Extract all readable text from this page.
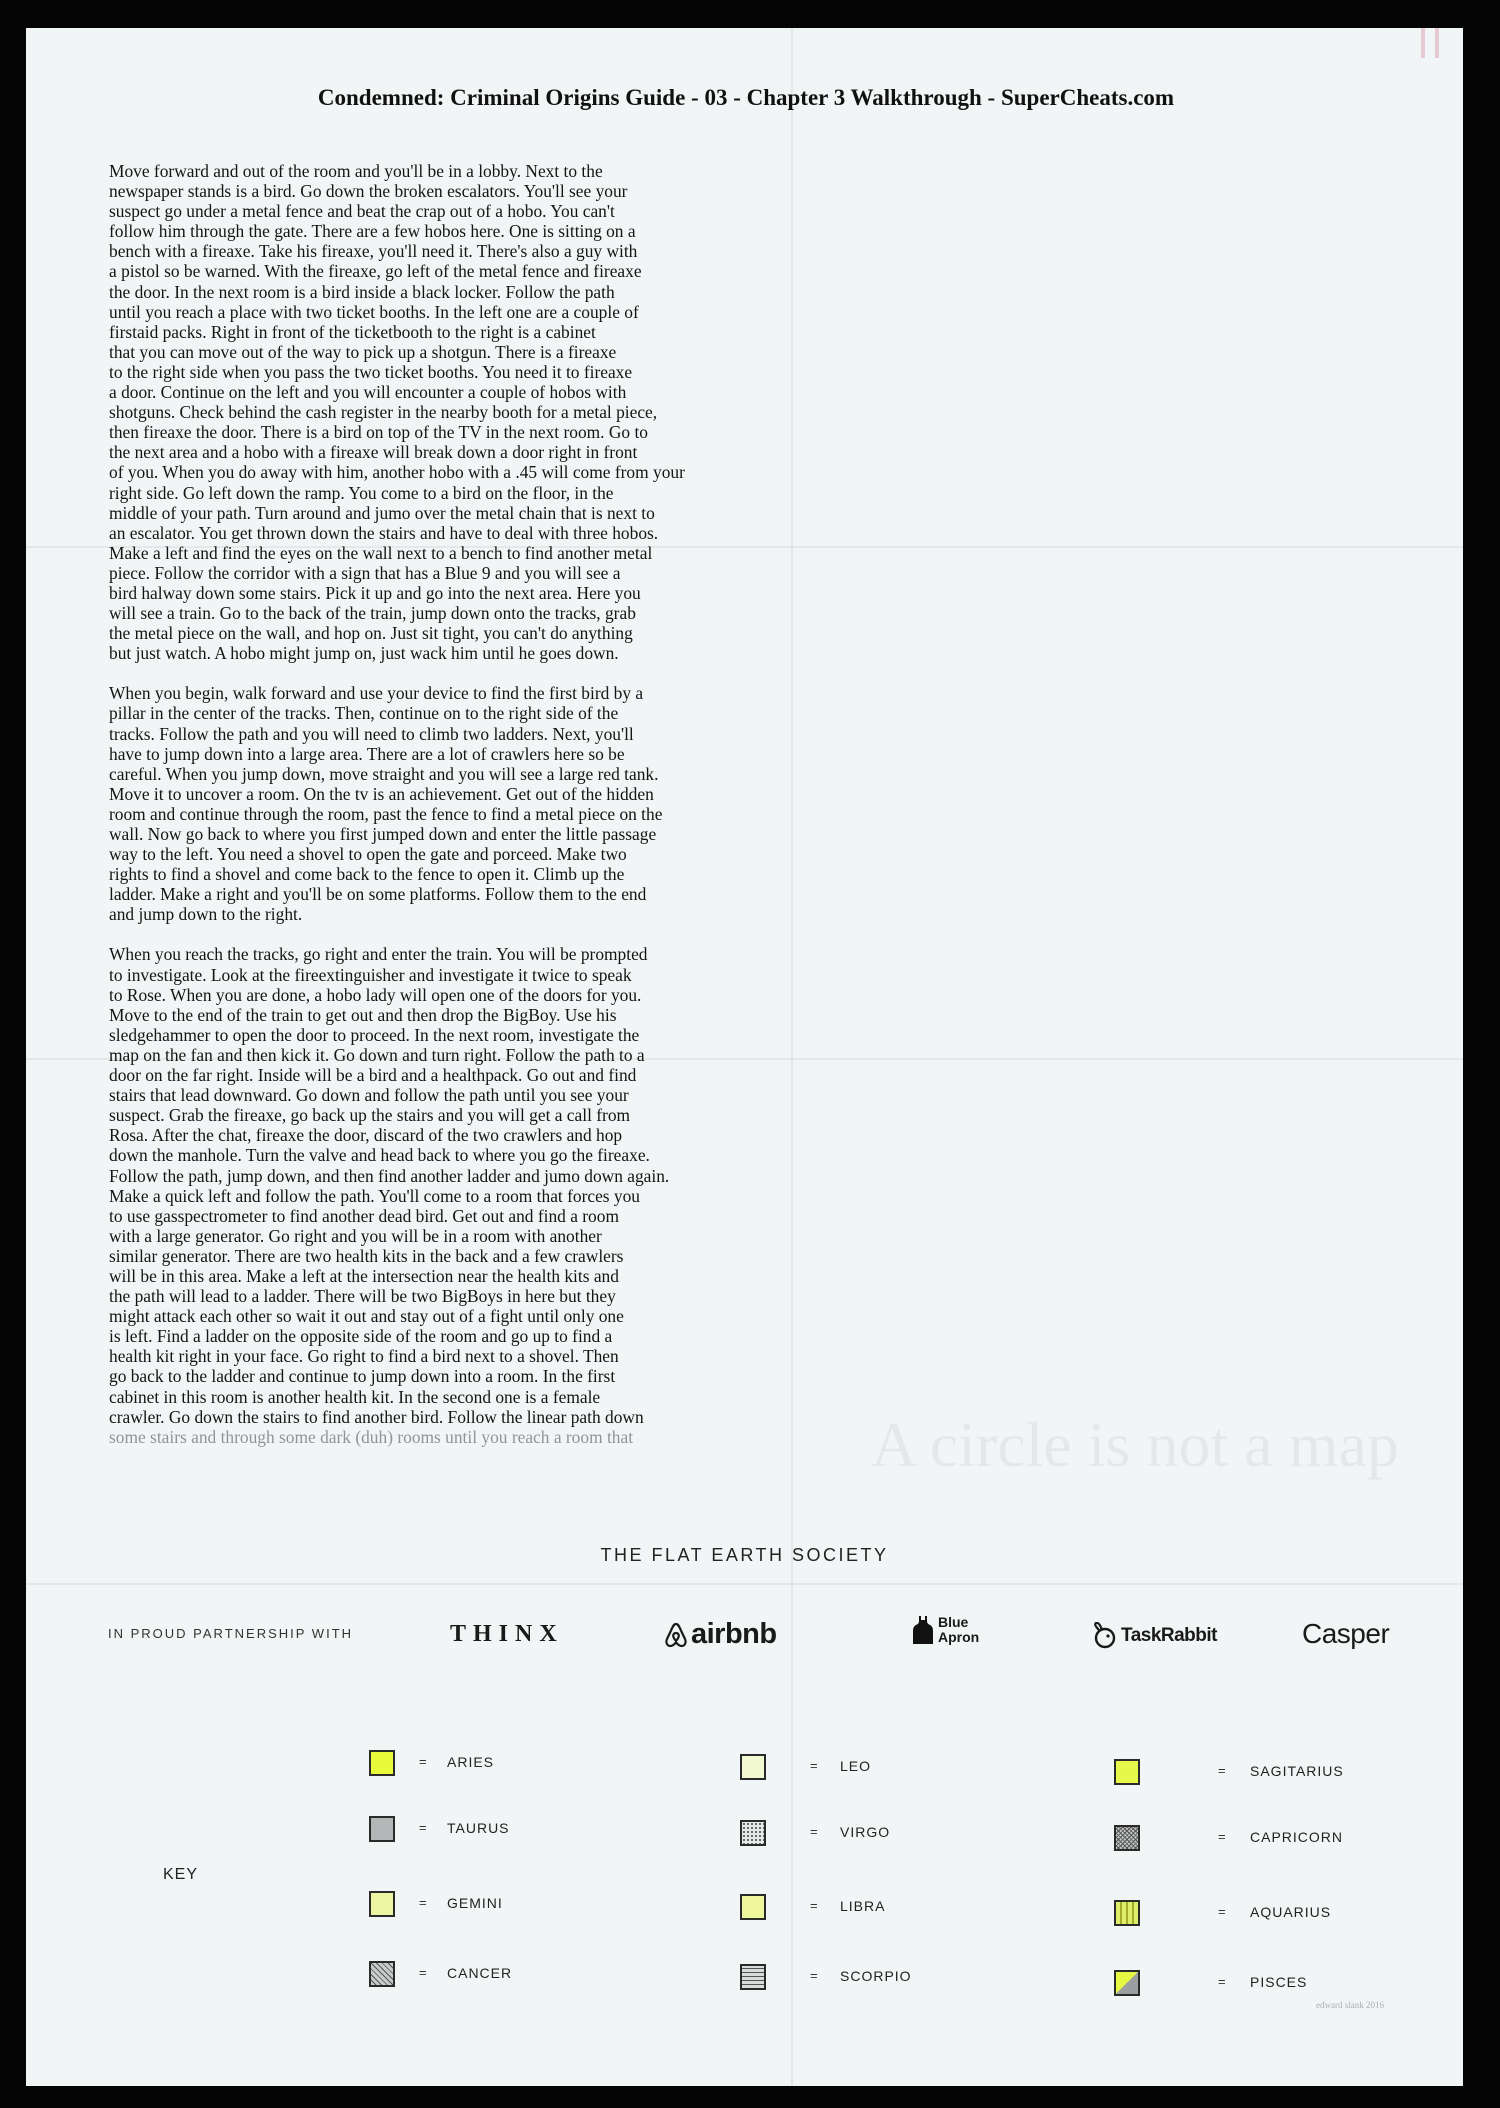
Condemned: Criminal Origins Guide - 03 - Chapter 3 Walkthrough - SuperCheats.com

Move forward and out of the room and you'll be in a lobby. Next to the
newspaper stands is a bird. Go down the broken escalators. You'll see your
suspect go under a metal fence and beat the crap out of a hobo. You can't
follow him through the gate. There are a few hobos here. One is sitting on a
bench with a fireaxe. Take his fireaxe, you'll need it. There's also a guy with
a pistol so be warned. With the fireaxe, go left of the metal fence and fireaxe
the door. In the next room is a bird inside a black locker. Follow the path
until you reach a place with two ticket booths. In the left one are a couple of
firstaid packs. Right in front of the ticketbooth to the right is a cabinet
that you can move out of the way to pick up a shotgun. There is a fireaxe
to the right side when you pass the two ticket booths. You need it to fireaxe
a door. Continue on the left and you will encounter a couple of hobos with
shotguns. Check behind the cash register in the nearby booth for a metal piece,
then fireaxe the door. There is a bird on top of the TV in the next room. Go to
the next area and a hobo with a fireaxe will break down a door right in front
of you. When you do away with him, another hobo with a .45 will come from your
right side. Go left down the ramp. You come to a bird on the floor, in the
middle of your path. Turn around and jumo over the metal chain that is next to
an escalator. You get thrown down the stairs and have to deal with three hobos.
Make a left and find the eyes on the wall next to a bench to find another metal
piece. Follow the corridor with a sign that has a Blue 9 and you will see a
bird halway down some stairs. Pick it up and go into the next area. Here you
will see a train. Go to the back of the train, jump down onto the tracks, grab
the metal piece on the wall, and hop on. Just sit tight, you can't do anything
but just watch. A hobo might jump on, just wack him until he goes down.

When you begin, walk forward and use your device to find the first bird by a
pillar in the center of the tracks. Then, continue on to the right side of the
tracks. Follow the path and you will need to climb two ladders. Next, you'll
have to jump down into a large area. There are a lot of crawlers here so be
careful. When you jump down, move straight and you will see a large red tank.
Move it to uncover a room. On the tv is an achievement. Get out of the hidden
room and continue through the room, past the fence to find a metal piece on the
wall. Now go back to where you first jumped down and enter the little passage
way to the left. You need a shovel to open the gate and porceed. Make two
rights to find a shovel and come back to the fence to open it. Climb up the
ladder. Make a right and you'll be on some platforms. Follow them to the end
and jump down to the right.

When you reach the tracks, go right and enter the train. You will be prompted
to investigate. Look at the fireextinguisher and investigate it twice to speak
to Rose. When you are done, a hobo lady will open one of the doors for you.
Move to the end of the train to get out and then drop the BigBoy. Use his
sledgehammer to open the door to proceed. In the next room, investigate the
map on the fan and then kick it. Go down and turn right. Follow the path to a
door on the far right. Inside will be a bird and a healthpack. Go out and find
stairs that lead downward. Go down and follow the path until you see your
suspect. Grab the fireaxe, go back up the stairs and you will get a call from
Rosa. After the chat, fireaxe the door, discard of the two crawlers and hop
down the manhole. Turn the valve and head back to where you go the fireaxe.
Follow the path, jump down, and then find another ladder and jumo down again.
Make a quick left and follow the path. You'll come to a room that forces you
to use gasspectrometer to find another dead bird. Get out and find a room
with a large generator. Go right and you will be in a room with another
similar generator. There are two health kits in the back and a few crawlers
will be in this area. Make a left at the intersection near the health kits and
the path will lead to a ladder. There will be two BigBoys in here but they
might attack each other so wait it out and stay out of a fight until only one
is left. Find a ladder on the opposite side of the room and go up to find a
health kit right in your face. Go right to find a bird next to a shovel. Then
go back to the ladder and continue to jump down into a room. In the first
cabinet in this room is another health kit. In the second one is a female
crawler. Go down the stairs to find another bird. Follow the linear path down

some stairs and through some dark (duh) rooms until you reach a room that	A circle is not a map
THE FLAT EARTH SOCIETY
IN PROUD PARTNERSHIP WITH	THINX	airbnb	Blue
Apron	TaskRabbit	Casper
KEY
= ARIES
= TAURUS
= GEMINI
= CANCER
= LEO
= VIRGO
= LIBRA
= SCORPIO
= SAGITARIUS
= CAPRICORN
= AQUARIUS
= PISCES
edward slank 2016
